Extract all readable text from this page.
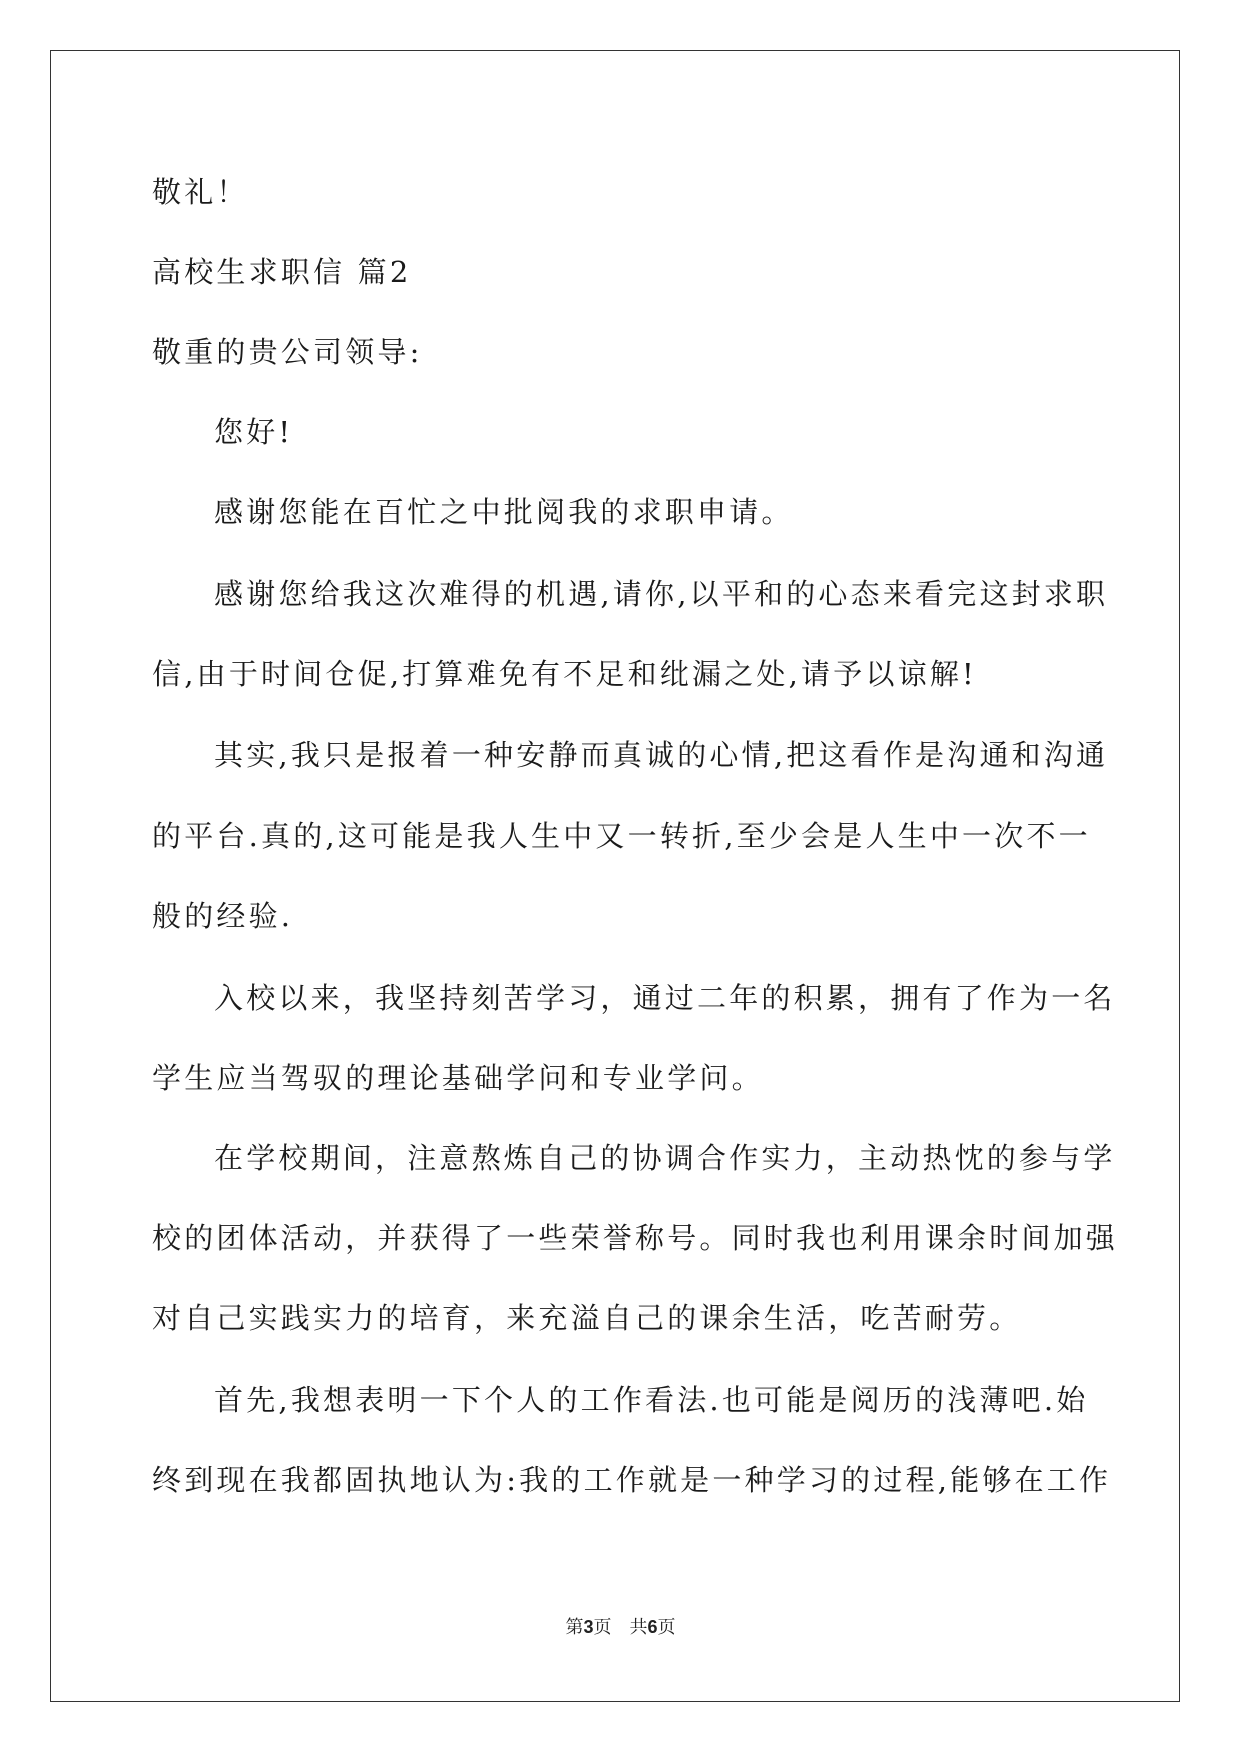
敬礼！
高校生求职信 篇2
敬重的贵公司领导:
您好!
感谢您能在百忙之中批阅我的求职申请。
感谢您给我这次难得的机遇,请你,以平和的心态来看完这封求职
信,由于时间仓促,打算难免有不足和纰漏之处,请予以谅解!
其实,我只是报着一种安静而真诚的心情,把这看作是沟通和沟通
的平台.真的,这可能是我人生中又一转折,至少会是人生中一次不一
般的经验.
入校以来，我坚持刻苦学习，通过二年的积累，拥有了作为一名
学生应当驾驭的理论基础学问和专业学问。
在学校期间，注意熬炼自己的协调合作实力，主动热忱的参与学
校的团体活动，并获得了一些荣誉称号。同时我也利用课余时间加强
对自己实践实力的培育，来充溢自己的课余生活，吃苦耐劳。
首先,我想表明一下个人的工作看法.也可能是阅历的浅薄吧.始
终到现在我都固执地认为:我的工作就是一种学习的过程,能够在工作
第3页 共6页
